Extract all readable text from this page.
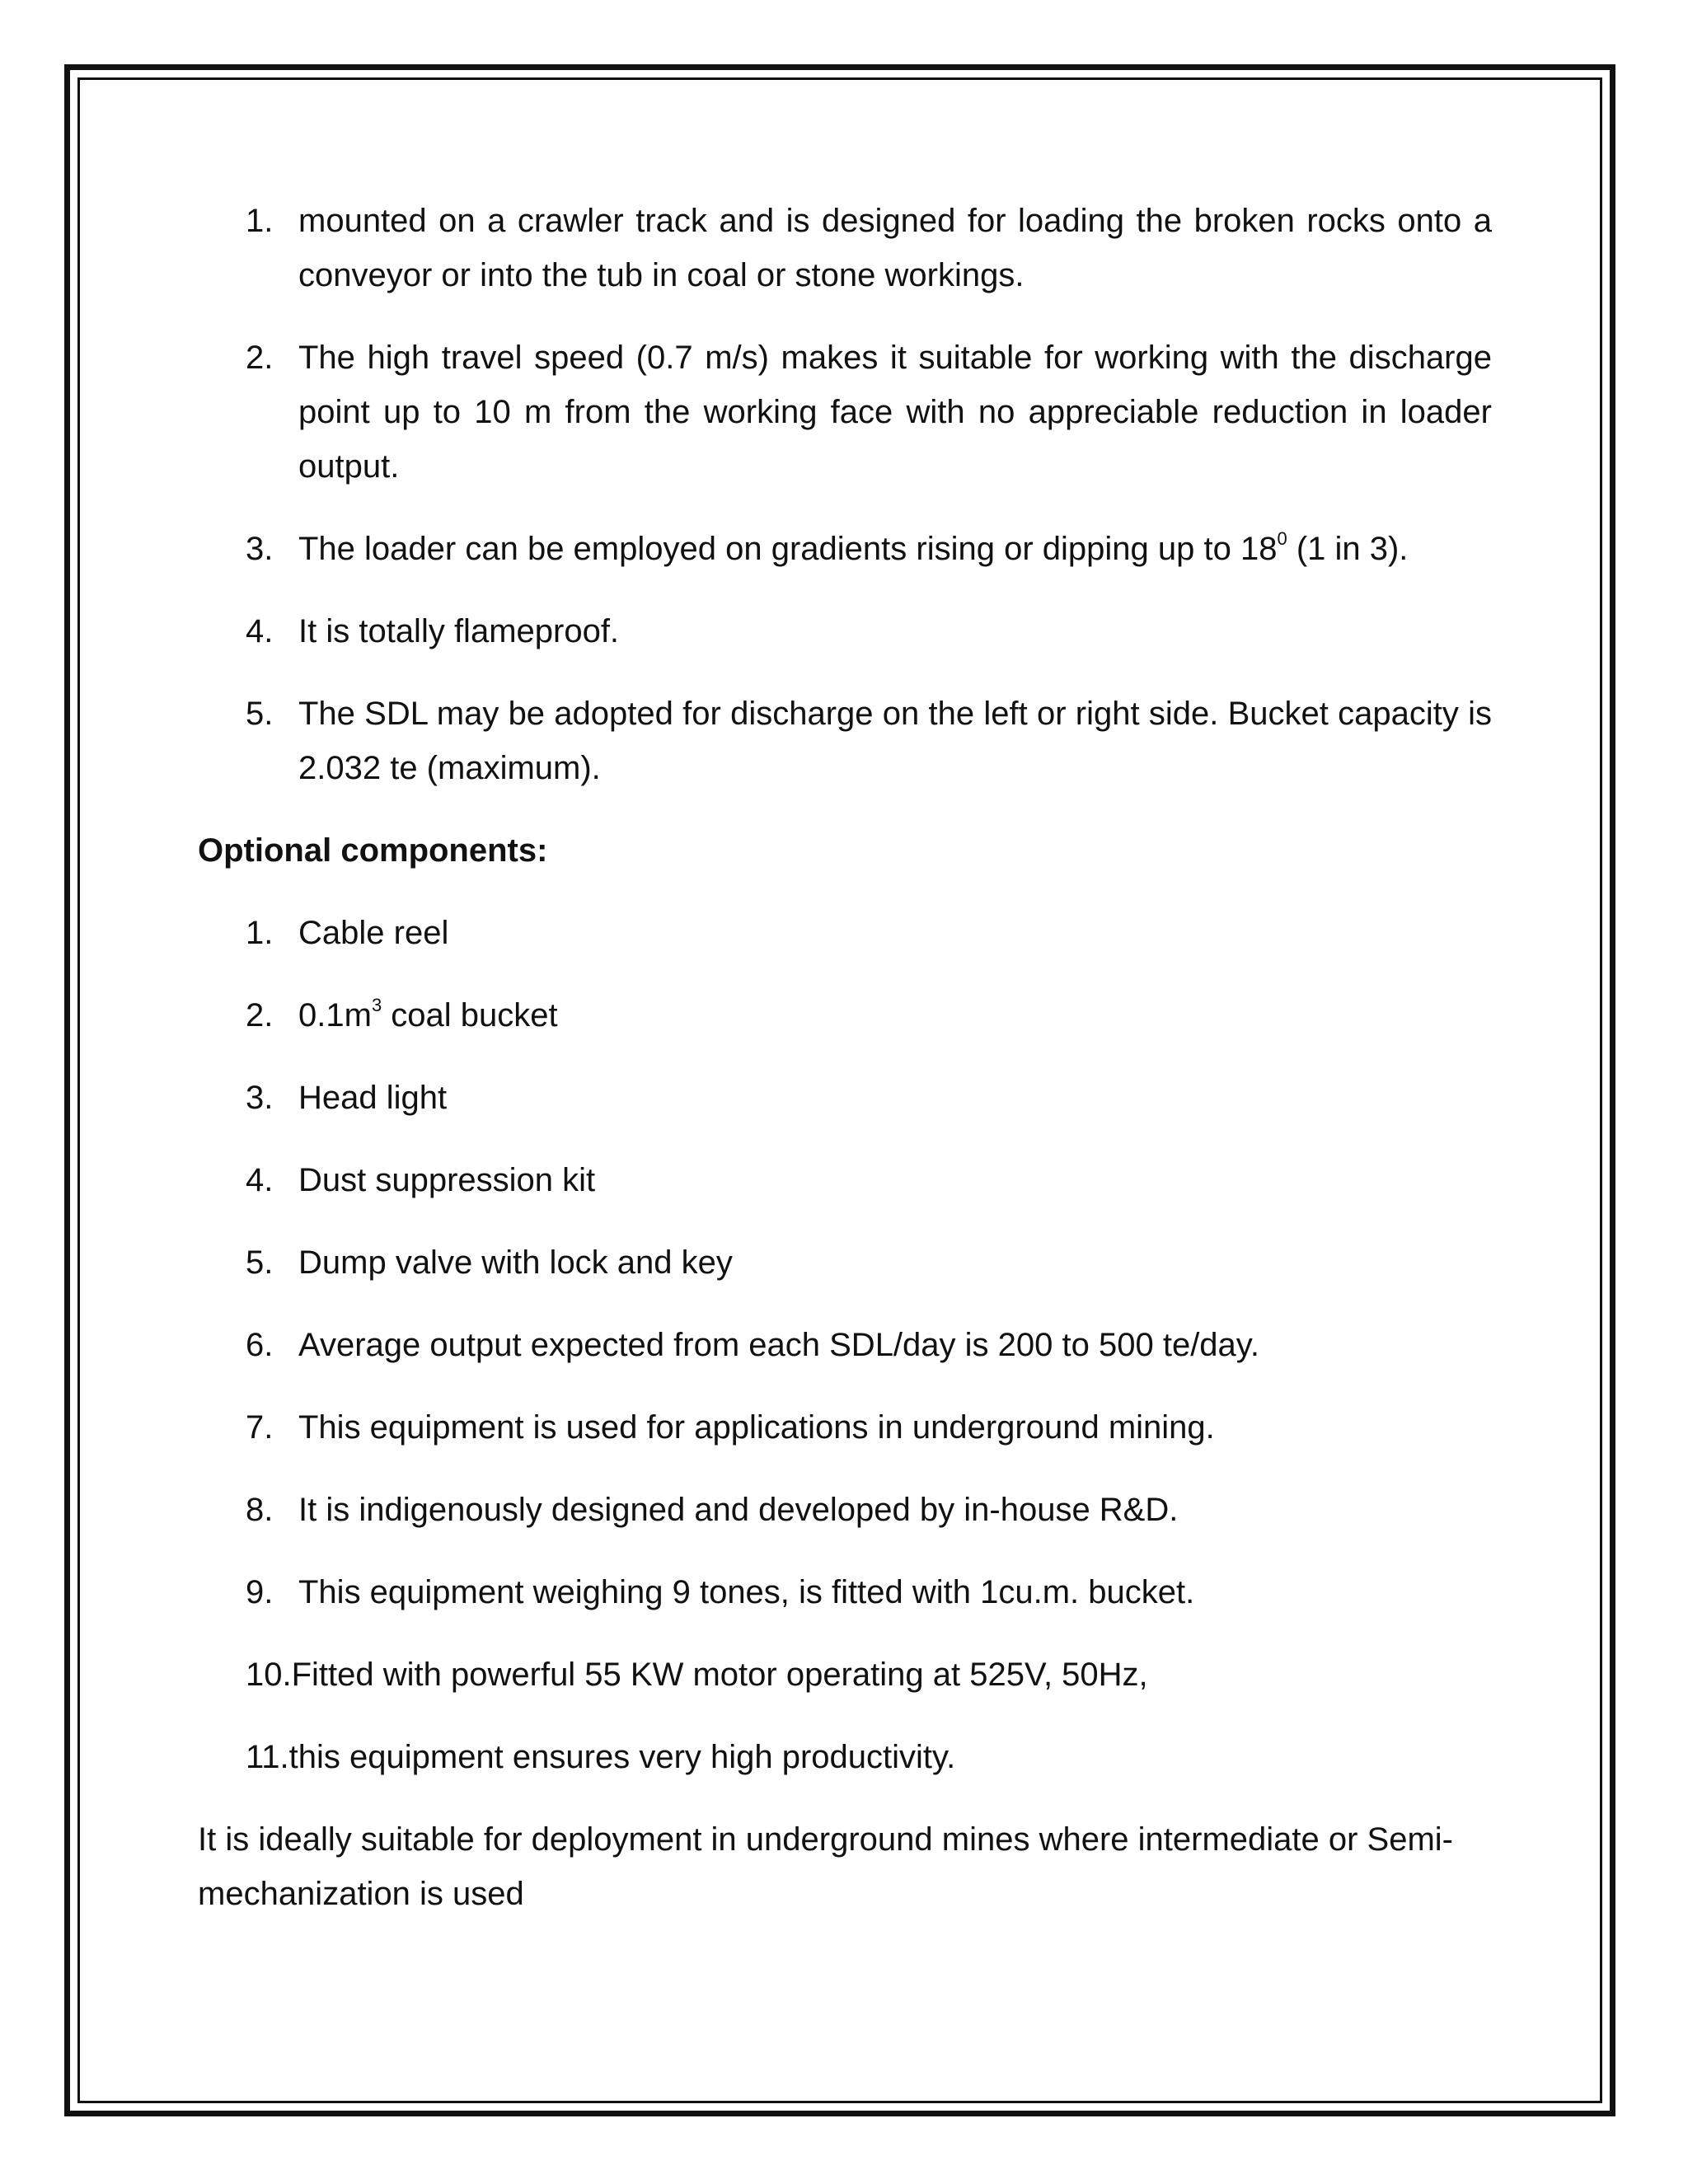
1. mounted on a crawler track and is designed for loading the broken rocks onto a conveyor or into the tub in coal or stone workings.
2. The high travel speed (0.7 m/s) makes it suitable for working with the discharge point up to 10 m from the working face with no appreciable reduction in loader output.
3. The loader can be employed on gradients rising or dipping up to $18^0$ (1 in 3).
4. It is totally flameproof.
5. The SDL may be adopted for discharge on the left or right side. Bucket capacity is 2.032 te (maximum).
Optional components:
1. Cable reel
2. $0.1m^3$ coal bucket
3. Head light
4. Dust suppression kit
5. Dump valve with lock and key
6. Average output expected from each SDL/day is 200 to 500 te/day.
7. This equipment is used for applications in underground mining.
8. It is indigenously designed and developed by in-house R&D.
9. This equipment weighing 9 tones, is fitted with 1cu.m. bucket.
10.Fitted with powerful 55 KW motor operating at 525V, 50Hz,
11.this equipment ensures very high productivity.
It is ideally suitable for deployment in underground mines where intermediate or Semi- mechanization is used
